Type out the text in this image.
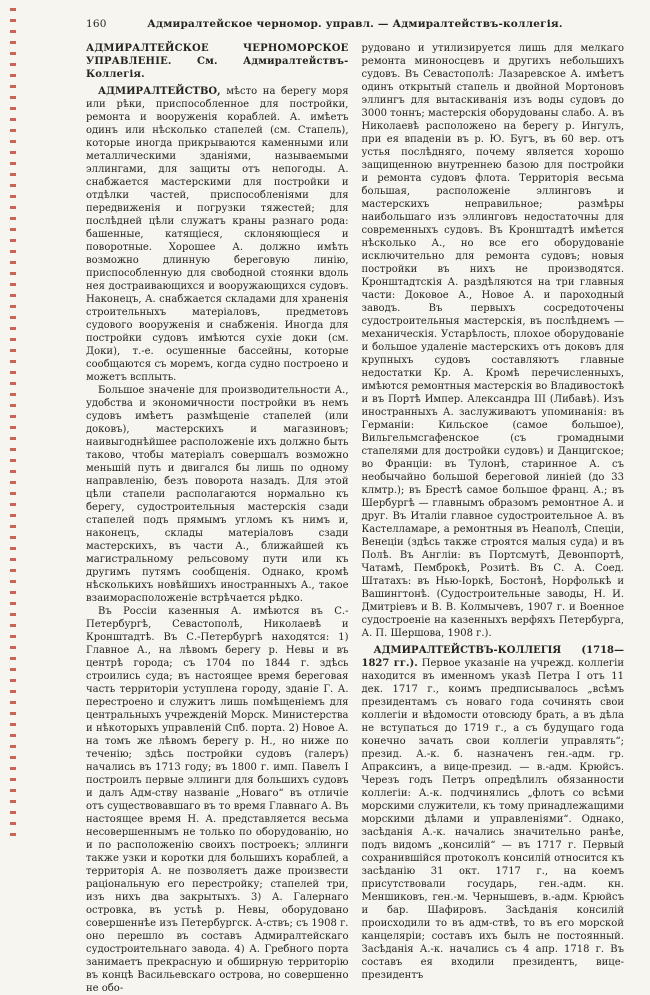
160	Адмиралтейское черномор. управл. — Адмиралтействъ-коллегія.

АДМИРАЛТЕЙСКОЕ ЧЕРНОМОРСКОЕ УПРАВЛЕНІЕ.	См. Адмиралтействъ-Коллегія.

АДМИРАЛТЕЙСТВО, мѣсто на берегу моря или рѣки, приспособленное для постройки, ремонта и вооруженія кораблей. А. имѣетъ одинъ или нѣсколько стапелей (см. Стапель), которые иногда прикрываются каменными или металлическими зданіями, называемыми эллингами, для защиты отъ непогоды. А. снабжается мастерскими для постройки и отдѣлки частей, приспособленіями для передвиженія и погрузки тяжестей; для послѣдней цѣли служатъ краны разнаго рода: башенные, катящіеся, склоняющіеся и поворотные. Хорошее А. должно имѣть возможно длинную береговую линію, приспособленную для свободной стоянки вдоль нея достраивающихся и вооружающихся судовъ. Наконецъ, А. снабжается складами для храненія строительныхъ матеріаловъ, предметовъ судового вооруженія и снабженія. Иногда для постройки судовъ имѣются сухіе доки (см. Доки), т.-е. осушенные бассейны, которые сообщаются съ моремъ, когда судно построено и можетъ всплыть.

Большое значеніе для производительности А., удобства и экономичности постройки въ немъ судовъ имѣетъ размѣщеніе стапелей (или доковъ), мастерскихъ и магазиновъ; наивыгоднѣйшее расположеніе ихъ должно быть таково, чтобы матеріалъ совершалъ возможно меньшій путь и двигался бы лишь по одному направленію, безъ поворота назадъ. Для этой цѣли стапели располагаются нормально къ берегу, судостроительныя мастерскія сзади стапелей подъ прямымъ угломъ къ нимъ и, наконецъ, склады матеріаловъ сзади мастерскихъ, въ части А., ближайшей къ магистральному рельсовому пути или къ другимъ путямъ сообщенія. Однако, кромѣ нѣсколькихъ новѣйшихъ иностранныхъ А., такое взаиморасположеніе встрѣчается рѣдко.

Въ Россіи казенныя А. имѣются въ С.-Петербургѣ, Севастополѣ, Николаевѣ и Кронштадтѣ. Въ С.-Петербургѣ находятся: 1) Главное А., на лѣвомъ берегу р. Невы и въ центрѣ города; съ 1704 по 1844 г. здѣсь строились суда; въ настоящее время береговая часть территоріи уступлена городу, зданіе Г. А. перестроено и служитъ лишь помѣщеніемъ для центральныхъ учрежденій Морск. Министерства и нѣкоторыхъ управленій Спб. порта. 2) Новое А. на томъ же лѣвомъ берегу р. Н., но ниже по теченію; здѣсь постройки судовъ (галеръ) начались въ 1713 году; въ 1800 г. имп. Павелъ I построилъ первые эллинги для большихъ судовъ и далъ Адм-ству названіе „Новаго“ въ отличіе отъ существовавшаго въ то время Главнаго А. Въ настоящее время Н. А. представляется весьма несовершеннымъ не только по оборудованію, но и по расположенію своихъ построекъ; эллинги также узки и коротки для большихъ кораблей, а территорія А. не позволяетъ даже произвести раціональную его перестройку; стапелей три, изъ нихъ два закрытыхъ. 3) А. Галернаго островка, въ устьѣ р. Невы, оборудовано совершеннѣе изъ Петербургск. А-ствъ; съ 1908 г. оно перешло въ составъ Адмиралтейскаго судостроительнаго завода. 4) А. Гребного порта занимаетъ прекрасную и обширную территорію въ концѣ Васильевскаго острова, но совершенно не обо-

рудовано и утилизируется лишь для мелкаго ремонта миноносцевъ и другихъ небольшихъ судовъ. Въ Севастополѣ: Лазаревское А. имѣетъ одинъ открытый стапель и двойной Мортоновъ эллингъ для вытаскиванія изъ воды судовъ до 3000 тоннъ; мастерскія оборудованы слабо. А. въ Николаевѣ расположено на берегу р. Ингулъ, при ея впаденіи въ р. Ю. Бугъ, въ 60 вер. отъ устья послѣдняго, почему является хорошо защищенною внутреннею базою для постройки и ремонта судовъ флота. Территорія весьма большая, расположеніе эллинговъ и мастерскихъ неправильное; размѣры наибольшаго изъ эллинговъ недостаточны для современныхъ судовъ. Въ Кронштадтѣ имѣется нѣсколько А., но все его оборудованіе исключительно для ремонта судовъ; новыя постройки въ нихъ не производятся. Кронштадтскія А. раздѣляются на три главныя части: Доковое А., Новое А. и пароходный заводъ. Въ первыхъ сосредоточены судостроительныя мастерскія, въ послѣднемъ — механическія. Устарѣлость, плохое оборудованіе и большое удаленіе мастерскихъ отъ доковъ для крупныхъ судовъ составляютъ главные недостатки Кр. А. Кромѣ перечисленныхъ, имѣются ремонтныя мастерскія во Владивостокѣ и въ Портѣ Импер. Александра III (Либавѣ). Изъ иностранныхъ А. заслуживаютъ упоминанія: въ Германіи: Кильское (самое большое), Вильгельмсгафенское (съ громадными стапелями для достройки судовъ) и Данцигское; во Франціи: въ Тулонѣ, старинное А. съ необычайно большой береговой линіей (до 33 клмтр.); въ Брестѣ самое большое франц. А.; въ Шербургѣ — главнымъ образомъ ремонтное А. и друг. Въ Италіи главное судостроительное А. въ Кастелламаре, а ремонтныя въ Неаполѣ, Спеціи, Венеціи (здѣсь также строятся малыя суда) и въ Полѣ. Въ Англіи: въ Портсмутѣ, Девонпортѣ, Чатамѣ, Пемброкѣ, Розитѣ. Въ С. А. Соед. Штатахъ: въ Нью-Іоркѣ, Бостонѣ, Норфолькѣ и Вашингтонѣ. (Судостроительные заводы, Н. И. Дмитріевъ и В. В. Колмычевъ, 1907 г. и Военное судостроеніе на казенныхъ верфяхъ Петербурга, А. П. Шершова, 1908 г.).

АДМИРАЛТЕЙСТВЪ-КОЛЛЕГІЯ (1718—1827 гг.). Первое указаніе на учрежд. коллегіи находится въ именномъ указѣ Петра I отъ 11 дек. 1717 г., коимъ предписывалось „всѣмъ президентамъ съ новаго года сочинять свои коллегіи и вѣдомости отовсюду брать, а въ дѣла не вступаться до 1719 г., а съ будущаго года конечно зачать свои коллегіи управлять“; презид. А.-к. б. назначенъ ген.-адм. гр. Апраксинъ, а вице-презид. — в.-адм. Крюйсъ. Черезъ годъ Петръ опредѣлилъ обязанности коллегіи: А.-к. подчинялись „флотъ со всѣми морскими служители, къ тому принадлежащими морскими дѣлами и управленіями“. Однако, засѣданія А.-к. начались значительно ранѣе, подъ видомъ „консилій“ — въ 1717 г. Первый сохранившійся протоколъ консилій относится къ засѣданію 31 окт. 1717 г., на коемъ присутствовали государь, ген.-адм. кн. Меншиковъ, ген.-м. Чернышевъ, в.-адм. Крюйсъ и бар. Шафировъ. Засѣданія консилій происходили то въ адм-ствѣ, то въ его морской канцеляріи; составъ ихъ былъ не постоянный. Засѣданія А.-к. начались съ 4 апр. 1718 г. Въ составъ ея входили президентъ, вице-президентъ
